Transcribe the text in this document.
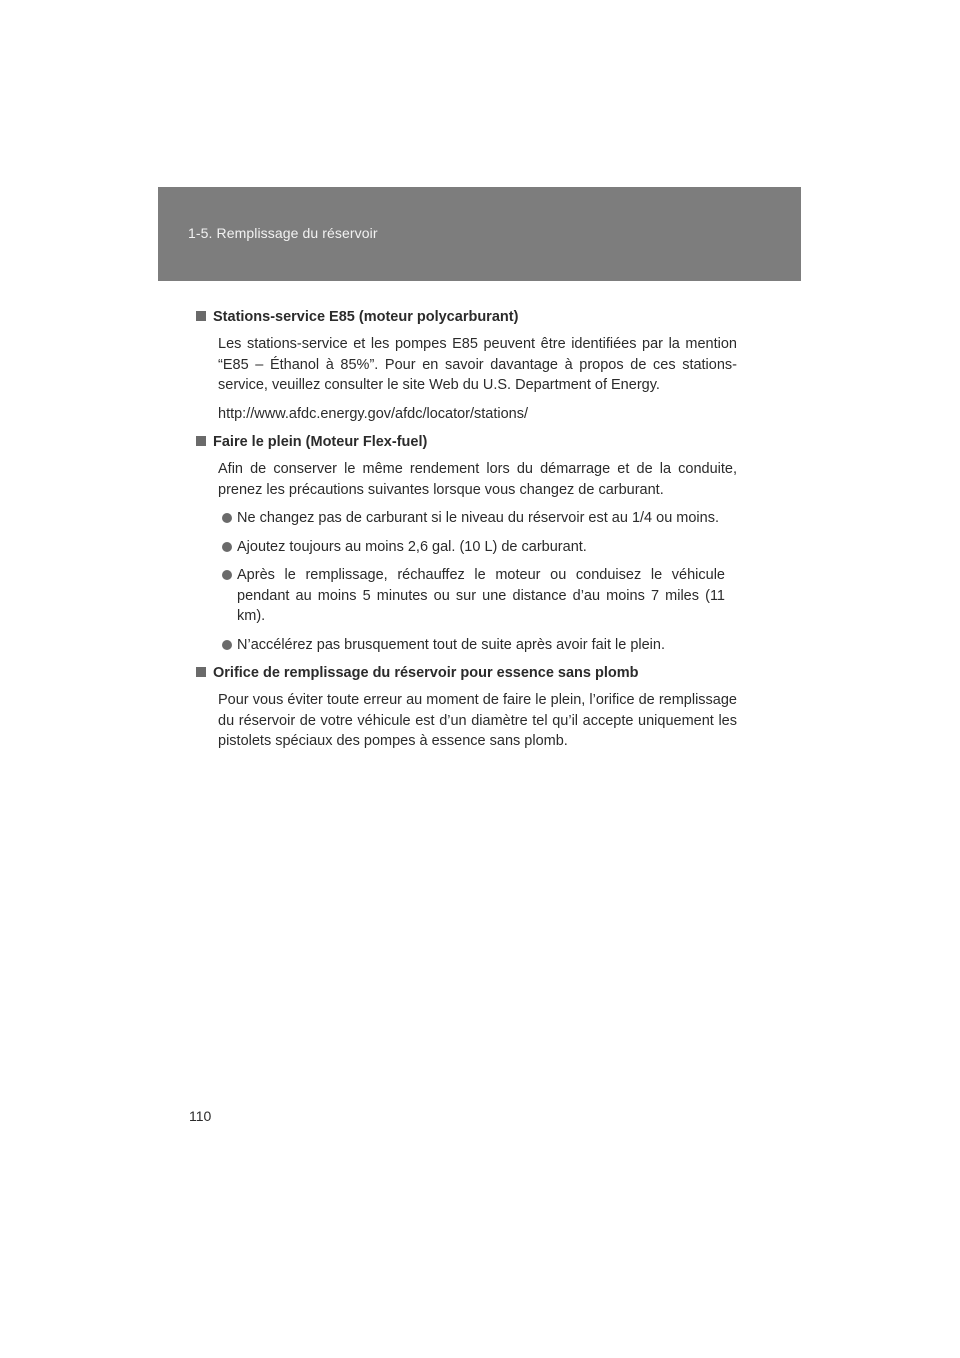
1-5. Remplissage du réservoir
Stations-service E85 (moteur polycarburant)
Les stations-service et les pompes E85 peuvent être identifiées par la mention “E85 – Éthanol à 85%”. Pour en savoir davantage à propos de ces stations-service, veuillez consulter le site Web du U.S. Department of Energy.
http://www.afdc.energy.gov/afdc/locator/stations/
Faire le plein (Moteur Flex-fuel)
Afin de conserver le même rendement lors du démarrage et de la conduite, prenez les précautions suivantes lorsque vous changez de carburant.
Ne changez pas de carburant si le niveau du réservoir est au 1/4 ou moins.
Ajoutez toujours au moins 2,6 gal. (10 L) de carburant.
Après le remplissage, réchauffez le moteur ou conduisez le véhicule pendant au moins 5 minutes ou sur une distance d’au moins 7 miles (11 km).
N’accélérez pas brusquement tout de suite après avoir fait le plein.
Orifice de remplissage du réservoir pour essence sans plomb
Pour vous éviter toute erreur au moment de faire le plein, l’orifice de remplissage du réservoir de votre véhicule est d’un diamètre tel qu’il accepte uniquement les pistolets spéciaux des pompes à essence sans plomb.
110
